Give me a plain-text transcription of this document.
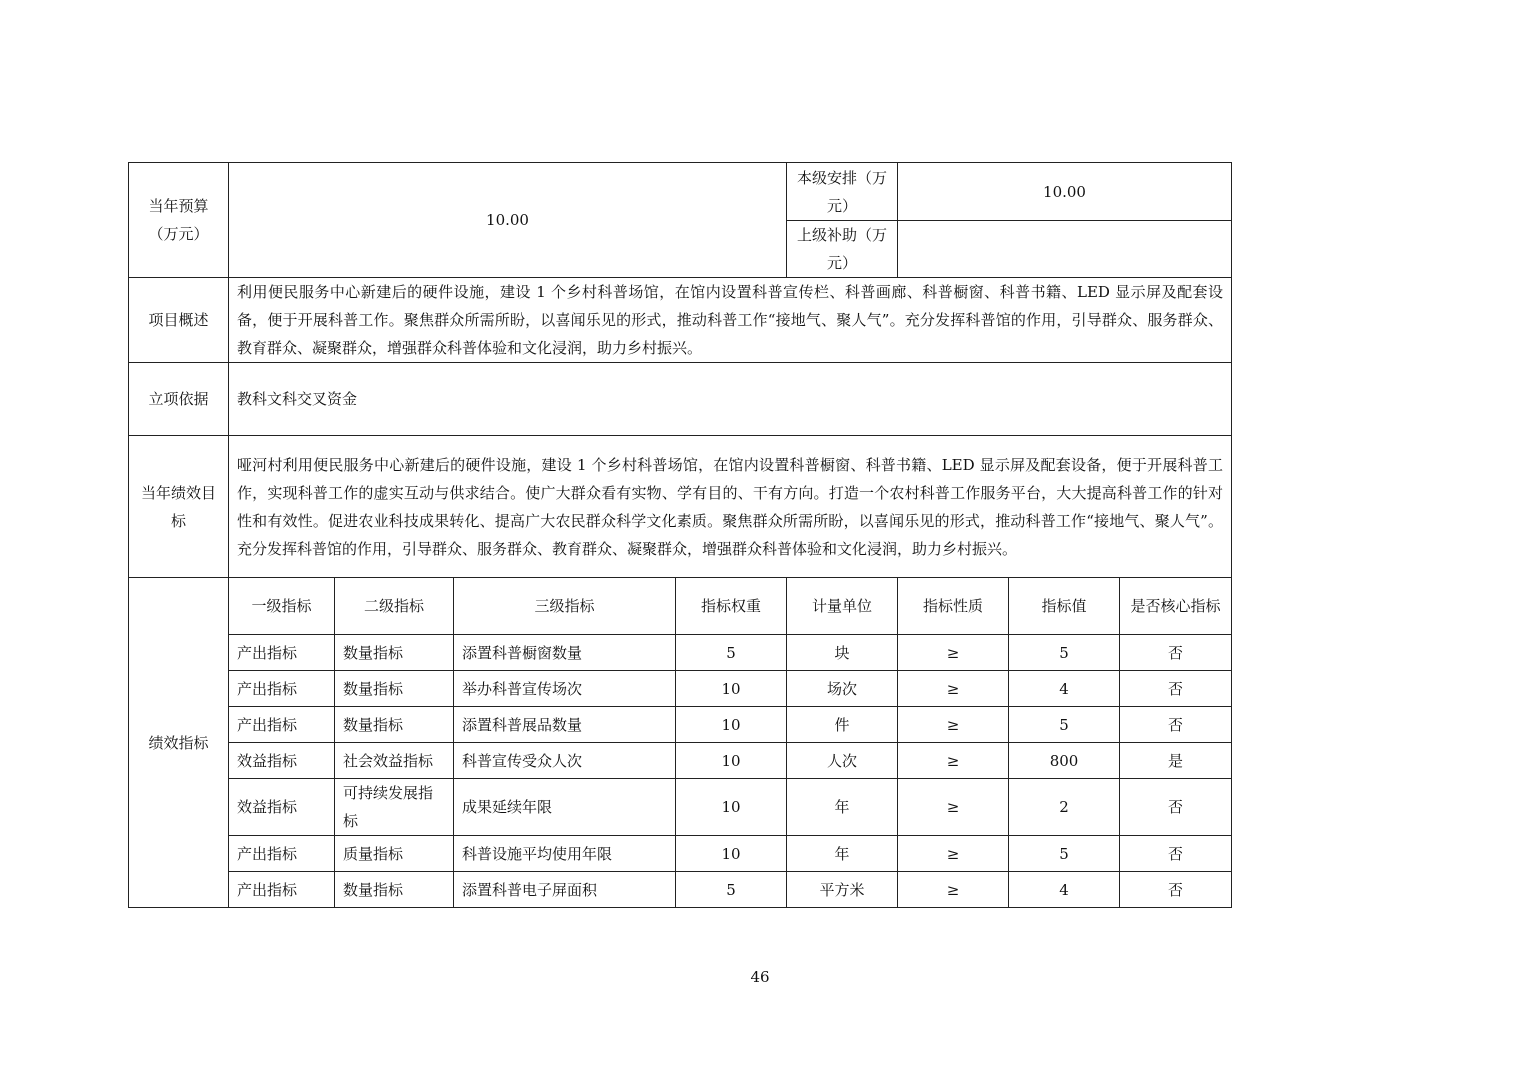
当年预算（万元）	10.00				本级安排（万元）	10.00		
					上级补助（万元）			
项目概述	利用便民服务中心新建后的硬件设施，建设 1 个乡村科普场馆，在馆内设置科普宣传栏、科普画廊、科普橱窗、科普书籍、LED 显示屏及配套设备，便于开展科普工作。聚焦群众所需所盼，以喜闻乐见的形式，推动科普工作“接地气、聚人气”。充分发挥科普馆的作用，引导群众、服务群众、教育群众、凝聚群众，增强群众科普体验和文化浸润，助力乡村振兴。							
立项依据	教科文科交叉资金							
当年绩效目标	哑河村利用便民服务中心新建后的硬件设施，建设 1 个乡村科普场馆，在馆内设置科普橱窗、科普书籍、LED 显示屏及配套设备，便于开展科普工作，实现科普工作的虚实互动与供求结合。使广大群众看有实物、学有目的、干有方向。打造一个农村科普工作服务平台，大大提高科普工作的针对性和有效性。促进农业科技成果转化、提高广大农民群众科学文化素质。聚焦群众所需所盼，以喜闻乐见的形式，推动科普工作“接地气、聚人气”。充分发挥科普馆的作用，引导群众、服务群众、教育群众、凝聚群众，增强群众科普体验和文化浸润，助力乡村振兴。							
绩效指标	一级指标	二级指标	三级指标	指标权重	计量单位	指标性质	指标值	是否核心指标
	产出指标	数量指标	添置科普橱窗数量	5	块	≥	5	否
	产出指标	数量指标	举办科普宣传场次	10	场次	≥	4	否
	产出指标	数量指标	添置科普展品数量	10	件	≥	5	否
	效益指标	社会效益指标	科普宣传受众人次	10	人次	≥	800	是
	效益指标	可持续发展指标	成果延续年限	10	年	≥	2	否
	产出指标	质量指标	科普设施平均使用年限	10	年	≥	5	否
	产出指标	数量指标	添置科普电子屏面积	5	平方米	≥	4	否
46
